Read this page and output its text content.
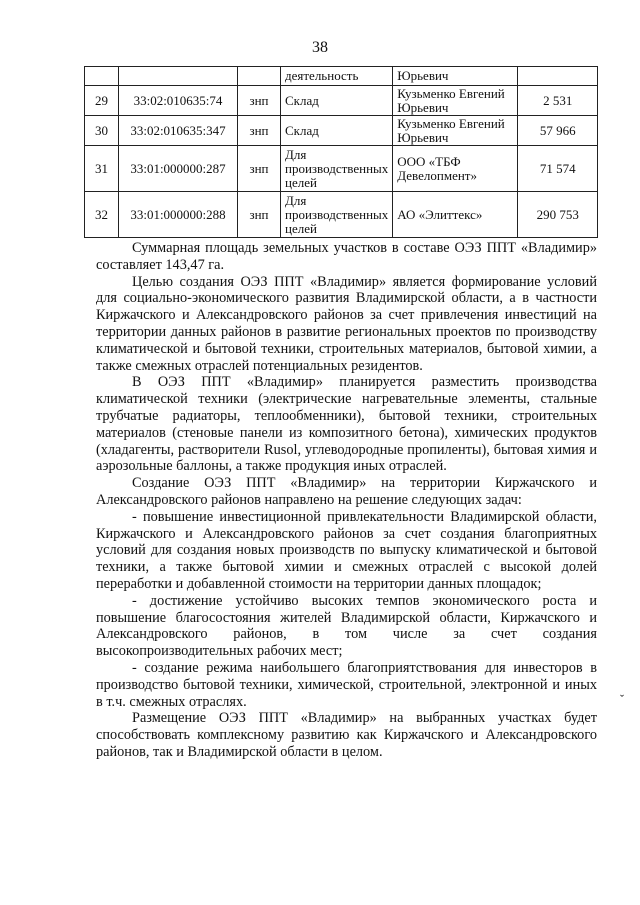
38
			деятельность	Юрьевич	
29	33:02:010635:74	знп	Склад	Кузьменко Евгений Юрьевич	2 531
30	33:02:010635:347	знп	Склад	Кузьменко Евгений Юрьевич	57 966
31	33:01:000000:287	знп	Для производственных целей	ООО «ТБФ Девелопмент»	71 574
32	33:01:000000:288	знп	Для производственных целей	АО «Элиттекс»	290 753

Суммарная площадь земельных участков в составе ОЭЗ ППТ «Владимир» составляет 143,47 га.

Целью создания ОЭЗ ППТ «Владимир» является формирование условий для социально-экономического развития Владимирской области, а в частности Киржачского и Александровского районов за счет привлечения инвестиций на территории данных районов в развитие региональных проектов по производству климатической и бытовой техники, строительных материалов, бытовой химии, а также смежных отраслей потенциальных резидентов.

В ОЭЗ ППТ «Владимир» планируется разместить производства климатической техники (электрические нагревательные элементы, стальные трубчатые радиаторы, теплообменники), бытовой техники, строительных материалов (стеновые панели из композитного бетона), химических продуктов (хладагенты, растворители Rusol, углеводородные пропиленты), бытовая химия и аэрозольные баллоны, а также продукция иных отраслей.

Создание ОЭЗ ППТ «Владимир» на территории Киржачского и Александровского районов направлено на решение следующих задач:

- повышение инвестиционной привлекательности Владимирской области, Киржачского и Александровского районов за счет создания благоприятных условий для создания новых производств по выпуску климатической и бытовой техники, а также бытовой химии и смежных отраслей с высокой долей переработки и добавленной стоимости на территории данных площадок;

- достижение устойчиво высоких темпов экономического роста и повышение благосостояния жителей Владимирской области, Киржачского и Александровского районов, в том числе за счет создания высокопроизводительных рабочих мест;

- создание режима наибольшего благоприятствования для инвесторов в производство бытовой техники, химической, строительной, электронной и иных в т.ч. смежных отраслях.

Размещение ОЭЗ ППТ «Владимир» на выбранных участках будет способствовать комплексному развитию как Киржачского и Александровского районов, так и Владимирской области в целом.

ˇ
